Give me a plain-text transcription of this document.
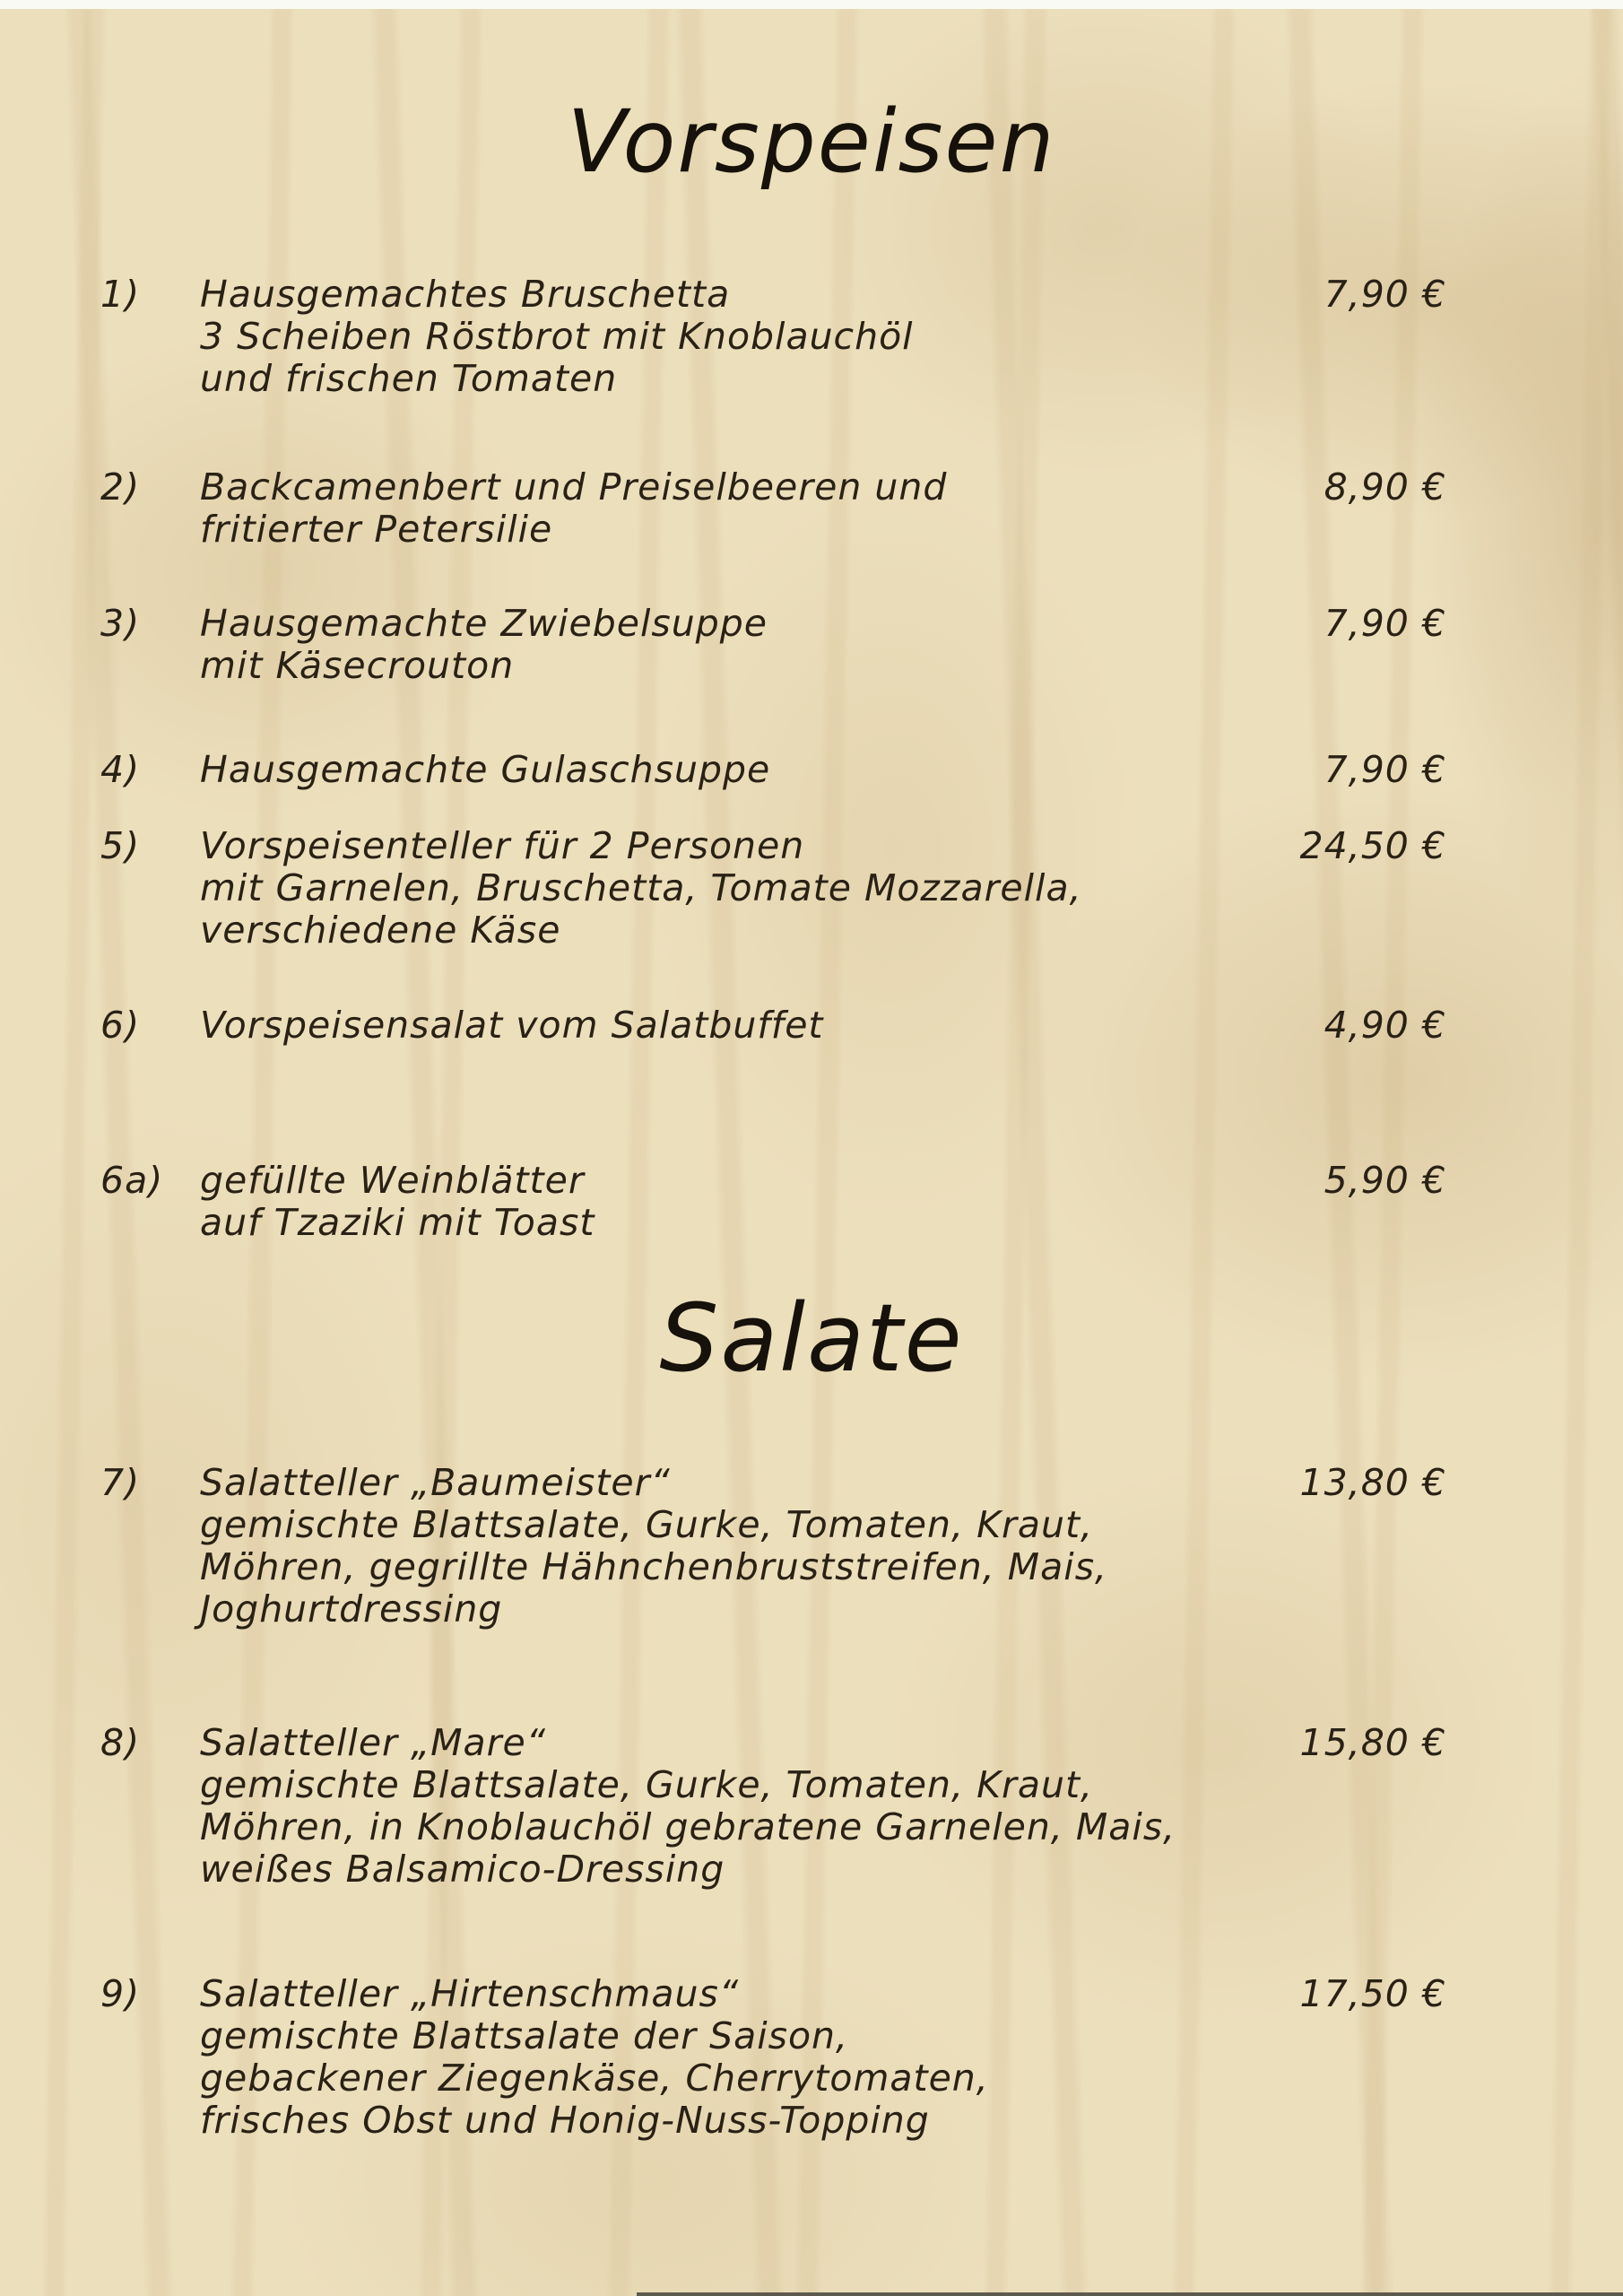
Vorspeisen
1)	Hausgemachtes Bruschetta
3 Scheiben Röstbrot mit Knoblauchöl
und frischen Tomaten
7,90 €
2)	Backcamenbert und Preiselbeeren und
fritierter Petersilie
8,90 €
3)	Hausgemachte Zwiebelsuppe
mit Käsecrouton
7,90 €
4)	Hausgemachte Gulaschsuppe	7,90 €
5)	Vorspeisenteller für 2 Personen
mit Garnelen, Bruschetta, Tomate Mozzarella,
verschiedene Käse
24,50 €
6)	Vorspeisensalat vom Salatbuffet	4,90 €
6a) gefüllte Weinblätter
auf Tzaziki mit Toast
5,90 €
Salate
7)	Salatteller „Baumeister“
gemischte Blattsalate, Gurke, Tomaten, Kraut,
Möhren, gegrillte Hähnchenbruststreifen, Mais,
Joghurtdressing
13,80 €
8)	Salatteller „Mare“
gemischte Blattsalate, Gurke, Tomaten, Kraut,
Möhren, in Knoblauchöl gebratene Garnelen, Mais,
weißes Balsamico-Dressing
15,80 €
9)	Salatteller „Hirtenschmaus“
gemischte Blattsalate der Saison,
gebackener Ziegenkäse, Cherrytomaten,
frisches Obst und Honig-Nuss-Topping
17,50 €
